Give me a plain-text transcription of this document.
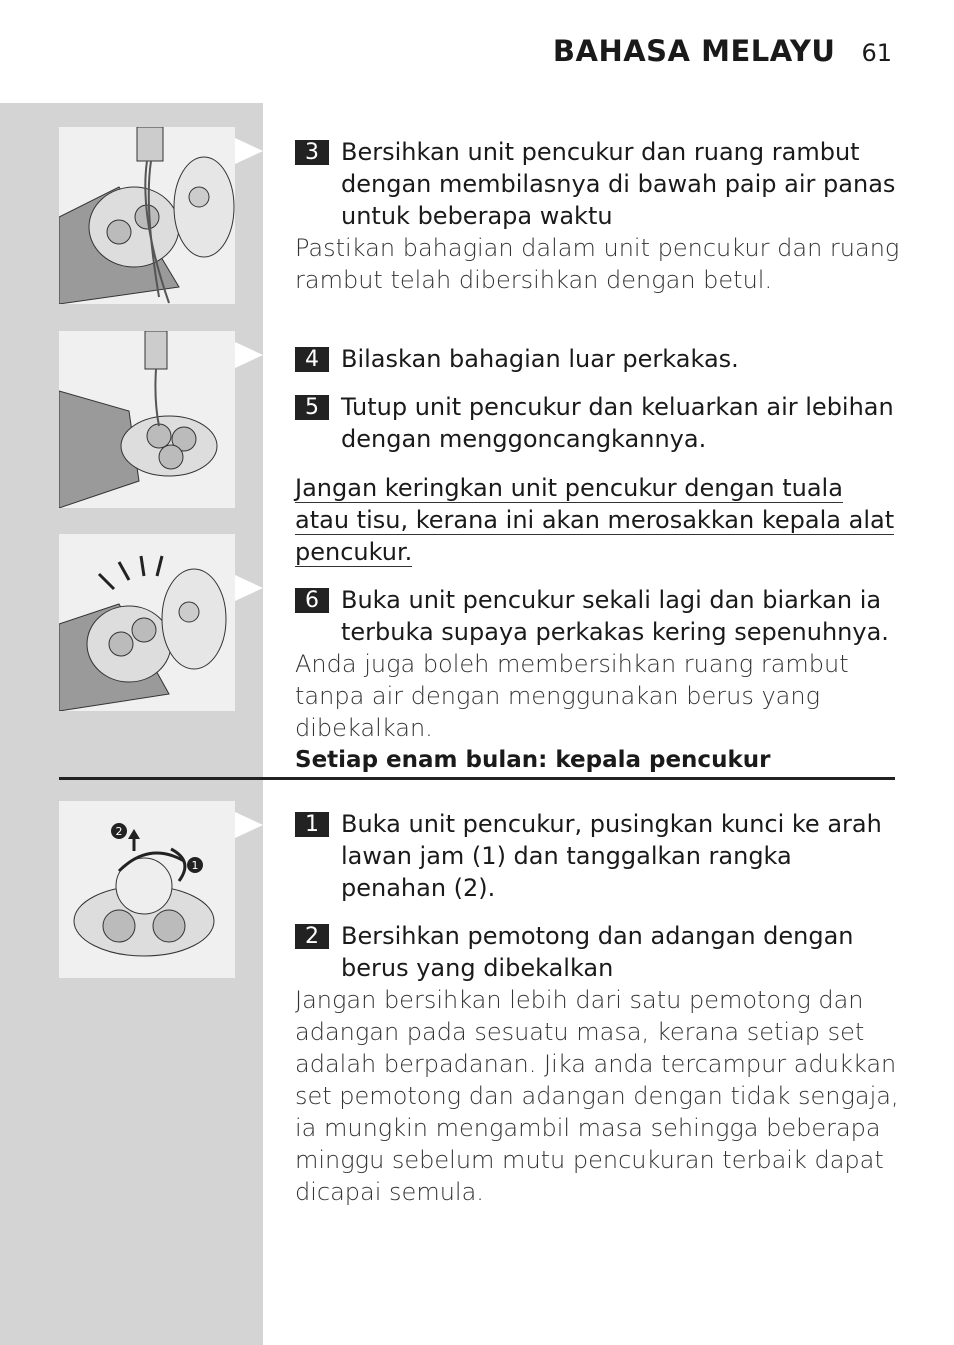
BAHASA MELAYU 61
2
1
3 Bersihkan unit pencukur dan ruang rambut dengan membilasnya di bawah paip air panas untuk beberapa waktu
Pastikan bahagian dalam unit pencukur dan ruang rambut telah dibersihkan dengan betul.
4 Bilaskan bahagian luar perkakas.
5 Tutup unit pencukur dan keluarkan air lebihan dengan menggoncangkannya.
Jangan keringkan unit pencukur dengan tuala
atau tisu, kerana ini akan merosakkan kepala alat
pencukur.
6 Buka unit pencukur sekali lagi dan biarkan ia terbuka supaya perkakas kering sepenuhnya.
Anda juga boleh membersihkan ruang rambut tanpa air dengan menggunakan berus yang dibekalkan.
Setiap enam bulan: kepala pencukur
1 Buka unit pencukur, pusingkan kunci ke arah lawan jam (1) dan tanggalkan rangka penahan (2).
2 Bersihkan pemotong dan adangan dengan berus yang dibekalkan
Jangan bersihkan lebih dari satu pemotong dan adangan pada sesuatu masa, kerana setiap set adalah berpadanan. Jika anda tercampur adukkan set pemotong dan adangan dengan tidak sengaja, ia mungkin mengambil masa sehingga beberapa minggu sebelum mutu pencukuran terbaik dapat dicapai semula.
